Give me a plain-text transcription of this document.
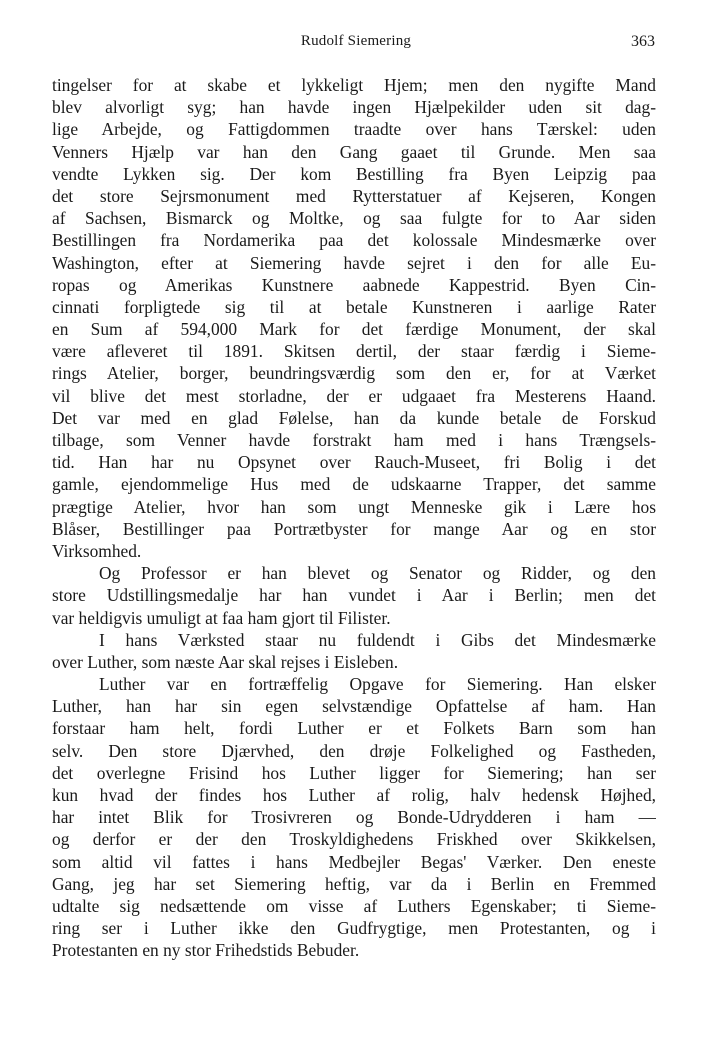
Rudolf Siemering	363
tingelser for at skabe et lykkeligt Hjem; men den nygifte Mand
blev alvorligt syg; han havde ingen Hjælpekilder uden sit dag-
lige Arbejde, og Fattigdommen traadte over hans Tærskel: uden
Venners Hjælp var han den Gang gaaet til Grunde. Men saa
vendte Lykken sig. Der kom Bestilling fra Byen Leipzig paa
det store Sejrsmonument med Rytterstatuer af Kejseren, Kongen
af Sachsen, Bismarck og Moltke, og saa fulgte for to Aar siden
Bestillingen fra Nordamerika paa det kolossale Mindesmærke over
Washington, efter at Siemering havde sejret i den for alle Eu-
ropas og Amerikas Kunstnere aabnede Kappestrid. Byen Cin-
cinnati forpligtede sig til at betale Kunstneren i aarlige Rater
en Sum af 594,000 Mark for det færdige Monument, der skal
være afleveret til 1891. Skitsen dertil, der staar færdig i Sieme-
rings Atelier, borger, beundringsværdig som den er, for at Værket
vil blive det mest storladne, der er udgaaet fra Mesterens Haand.
Det var med en glad Følelse, han da kunde betale de Forskud
tilbage, som Venner havde forstrakt ham med i hans Trængsels-
tid. Han har nu Opsynet over Rauch-Museet, fri Bolig i det
gamle, ejendommelige Hus med de udskaarne Trapper, det samme
prægtige Atelier, hvor han som ungt Menneske gik i Lære hos
Blåser, Bestillinger paa Portrætbyster for mange Aar og en stor
Virksomhed.
Og Professor er han blevet og Senator og Ridder, og den
store Udstillingsmedalje har han vundet i Aar i Berlin; men det
var heldigvis umuligt at faa ham gjort til Filister.
I hans Værksted staar nu fuldendt i Gibs det Mindesmærke
over Luther, som næste Aar skal rejses i Eisleben.
Luther var en fortræffelig Opgave for Siemering. Han elsker
Luther, han har sin egen selvstændige Opfattelse af ham. Han
forstaar ham helt, fordi Luther er et Folkets Barn som han
selv. Den store Djærvhed, den drøje Folkelighed og Fastheden,
det overlegne Frisind hos Luther ligger for Siemering; han ser
kun hvad der findes hos Luther af rolig, halv hedensk Højhed,
har intet Blik for Trosivreren og Bonde-Udrydderen i ham —
og derfor er der den Troskyldighedens Friskhed over Skikkelsen,
som altid vil fattes i hans Medbejler Begas' Værker. Den eneste
Gang, jeg har set Siemering heftig, var da i Berlin en Fremmed
udtalte sig nedsættende om visse af Luthers Egenskaber; ti Sieme-
ring ser i Luther ikke den Gudfrygtige, men Protestanten, og i
Protestanten en ny stor Frihedstids Bebuder.
